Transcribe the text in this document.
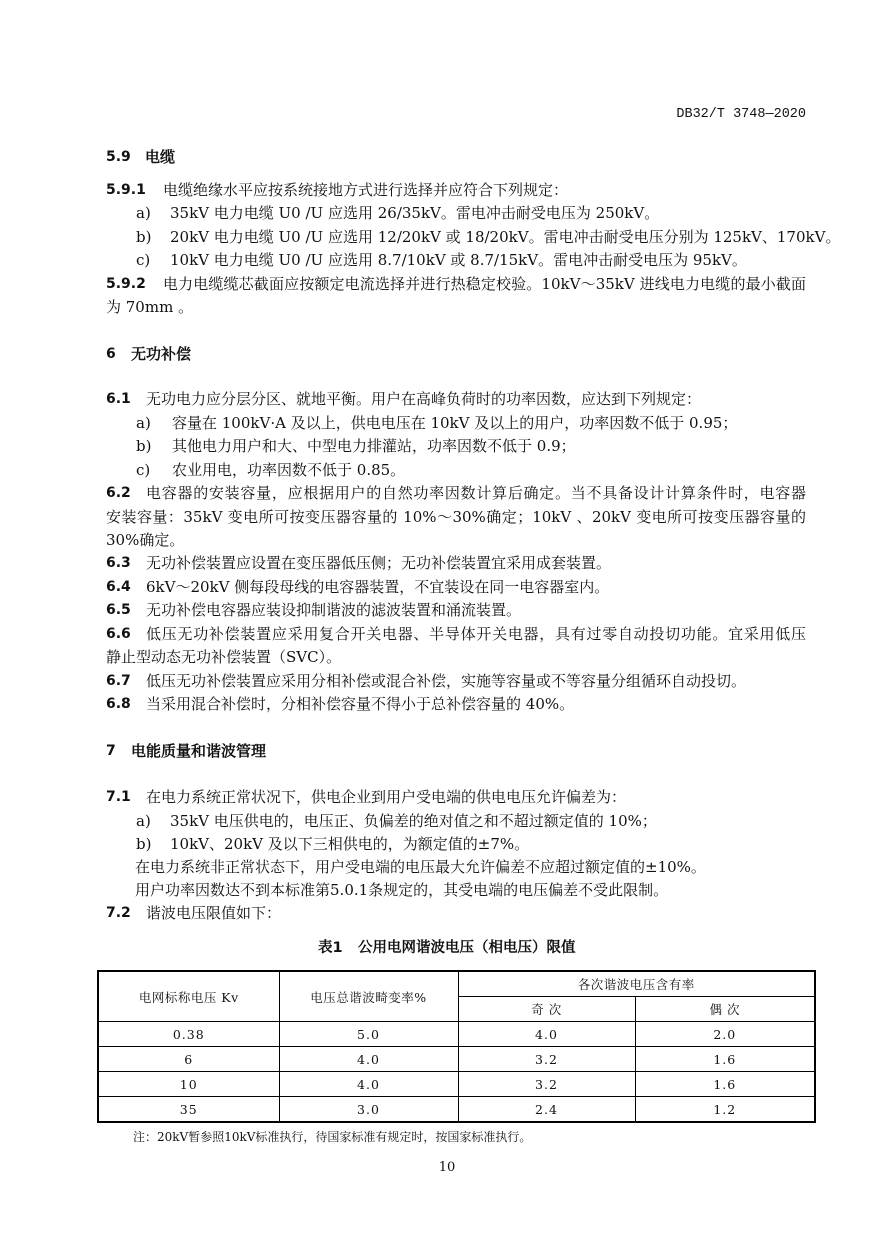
DB32/T 3748—2020
5.9 电缆
5.9.1 电缆绝缘水平应按系统接地方式进行选择并应符合下列规定：
a) 35kV 电力电缆 U0 /U 应选用 26/35kV。雷电冲击耐受电压为 250kV。
b) 20kV 电力电缆 U0 /U 应选用 12/20kV 或 18/20kV。雷电冲击耐受电压分别为 125kV、170kV。
c) 10kV 电力电缆 U0 /U 应选用 8.7/10kV 或 8.7/15kV。雷电冲击耐受电压为 95kV。
5.9.2 电力电缆缆芯截面应按额定电流选择并进行热稳定校验。10kV～35kV 进线电力电缆的最小截面
为 70mm 。
6 无功补偿
6.1 无功电力应分层分区、就地平衡。用户在高峰负荷时的功率因数，应达到下列规定：
a) 容量在 100kV·A 及以上，供电电压在 10kV 及以上的用户，功率因数不低于 0.95；
b) 其他电力用户和大、中型电力排灌站，功率因数不低于 0.9；
c) 农业用电，功率因数不低于 0.85。
6.2 电容器的安装容量，应根据用户的自然功率因数计算后确定。当不具备设计计算条件时，电容器
安装容量：35kV 变电所可按变压器容量的 10%～30%确定；10kV 、20kV 变电所可按变压器容量的
30%确定。
6.3 无功补偿装置应设置在变压器低压侧；无功补偿装置宜采用成套装置。
6.4 6kV～20kV 侧每段母线的电容器装置，不宜装设在同一电容器室内。
6.5 无功补偿电容器应装设抑制谐波的滤波装置和涌流装置。
6.6 低压无功补偿装置应采用复合开关电器、半导体开关电器，具有过零自动投切功能。宜采用低压
静止型动态无功补偿装置（SVC）。
6.7 低压无功补偿装置应采用分相补偿或混合补偿，实施等容量或不等容量分组循环自动投切。
6.8 当采用混合补偿时，分相补偿容量不得小于总补偿容量的 40%。
7 电能质量和谐波管理
7.1 在电力系统正常状况下，供电企业到用户受电端的供电电压允许偏差为：
a) 35kV 电压供电的，电压正、负偏差的绝对值之和不超过额定值的 10%；
b) 10kV、20kV 及以下三相供电的，为额定值的±7%。
在电力系统非正常状态下，用户受电端的电压最大允许偏差不应超过额定值的±10%。
用户功率因数达不到本标准第5.0.1条规定的，其受电端的电压偏差不受此限制。
7.2 谐波电压限值如下：
表1 公用电网谐波电压（相电压）限值
电网标称电压 Kv	电压总谐波畸变率%	各次谐波电压含有率	
		奇 次	偶 次
0.38	5.0	4.0	2.0
6	4.0	3.2	1.6
10	4.0	3.2	1.6
35	3.0	2.4	1.2
注：20kV暂参照10kV标准执行，待国家标准有规定时，按国家标准执行。
10
